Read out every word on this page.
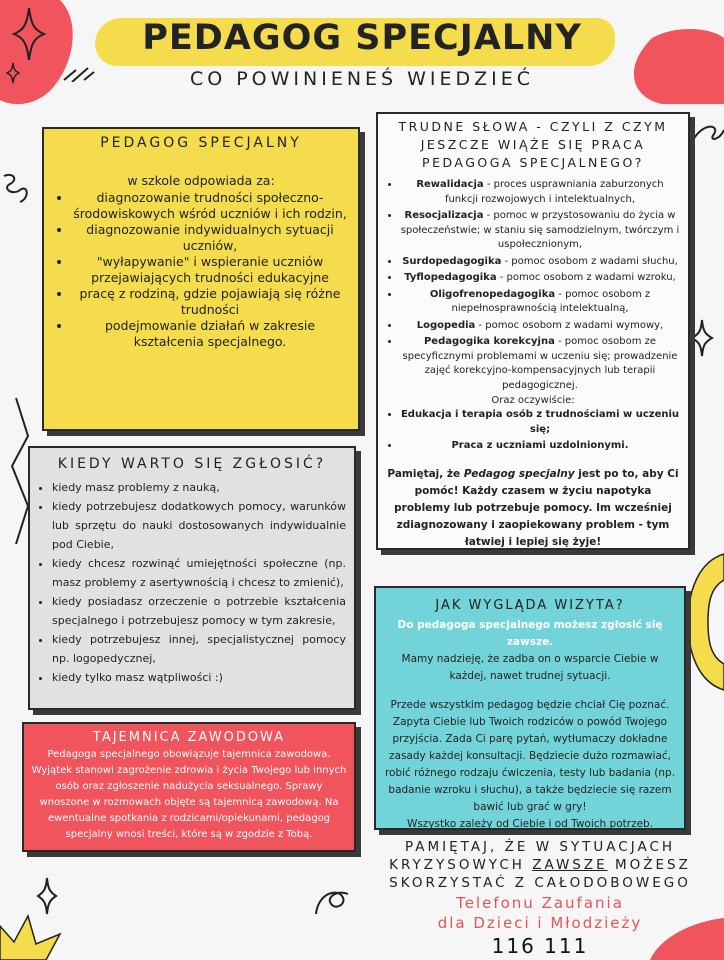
PEDAGOG SPECJALNY
CO POWINIENEŚ WIEDZIEĆ
PEDAGOG SPECJALNY

w szkole odpowiada za:

• diagnozowanie trudności społeczno-środowiskowych wśród uczniów i ich rodzin,
• diagnozowanie indywidualnych sytuacji uczniów,
• "wyłapywanie" i wspieranie uczniów przejawiających trudności edukacyjne
• pracę z rodziną, gdzie pojawiają się różne trudności
• podejmowanie działań w zakresie kształcenia specjalnego.
TRUDNE SŁOWA - CZYLI Z CZYM JESZCZE WIĄŻE SIĘ PRACA PEDAGOGA SPECJALNEGO?
• Rewalidacja - proces usprawniania zaburzonych funkcji rozwojowych i intelektualnych,
• Resocjalizacja - pomoc w przystosowaniu do życia w społeczeństwie; w staniu się samodzielnym, twórczym i uspołecznionym,
• Surdopedagogika - pomoc osobom z wadami słuchu,
• Tyflopedagogika - pomoc osobom z wadami wzroku,
• Oligofrenopedagogika - pomoc osobom z niepełnosprawnością intelektualną,
• Logopedia - pomoc osobom z wadami wymowy,
• Pedagogika korekcyjna - pomoc osobom ze specyficznymi problemami w uczeniu się; prowadzenie zajęć korekcyjno-kompensacyjnych lub terapii pedagogicznej.

Oraz oczywiście:

• Edukacja i terapia osób z trudnościami w uczeniu się;
• Praca z uczniami uzdolnionymi.

Pamiętaj, że Pedagog specjalny jest po to, aby Ci pomóc! Każdy czasem w życiu napotyka problemy lub potrzebuje pomocy. Im wcześniej zdiagnozowany i zaopiekowany problem - tym łatwiej i lepiej się żyje!

KIEDY WARTO SIĘ ZGŁOSIĆ?
• kiedy masz problemy z nauką,
• kiedy potrzebujesz dodatkowych pomocy, warunków lub sprzętu do nauki dostosowanych indywidualnie pod Ciebie,
• kiedy chcesz rozwinąć umiejętności społeczne (np. masz problemy z asertywnością i chcesz to zmienić),
• kiedy posiadasz orzeczenie o potrzebie kształcenia specjalnego i potrzebujesz pomocy w tym zakresie,
• kiedy potrzebujesz innej, specjalistycznej pomocy np. logopedycznej,
• kiedy tylko masz wątpliwości :)
JAK WYGLĄDA WIZYTA?

Do pedagoga specjalnego możesz zgłosić się zawsze.

Mamy nadzieję, że zadba on o wsparcie Ciebie w każdej, nawet trudnej sytuacji.

Przede wszystkim pedagog będzie chciał Cię poznać. Zapyta Ciebie lub Twoich rodziców o powód Twojego przyjścia. Zada Ci parę pytań, wytłumaczy dokładne zasady każdej konsultacji. Będziecie dużo rozmawiać, robić różnego rodzaju ćwiczenia, testy lub badania (np. badanie wzroku i słuchu), a także będziecie się razem bawić lub grać w gry!

Wszystko zależy od Ciebie i od Twoich potrzeb.

TAJEMNICA ZAWODOWA

Pedagoga specjalnego obowiązuje tajemnica zawodowa. Wyjątek stanowi zagrożenie zdrowia i życia Twojego lub innych osób oraz zgłoszenie nadużycia seksualnego. Sprawy wnoszone w rozmowach objęte są tajemnicą zawodową. Na ewentualne spotkania z rodzicami/opiekunami, pedagog specjalny wnosi treści, które są w zgodzie z Tobą.

PAMIĘTAJ, ŻE W SYTUACJACH KRYZYSOWYCH ZAWSZE MOŻESZ SKORZYSTAĆ Z CAŁODOBOWEGO
Telefonu Zaufania
dla Dzieci i Młodzieży
116 111
